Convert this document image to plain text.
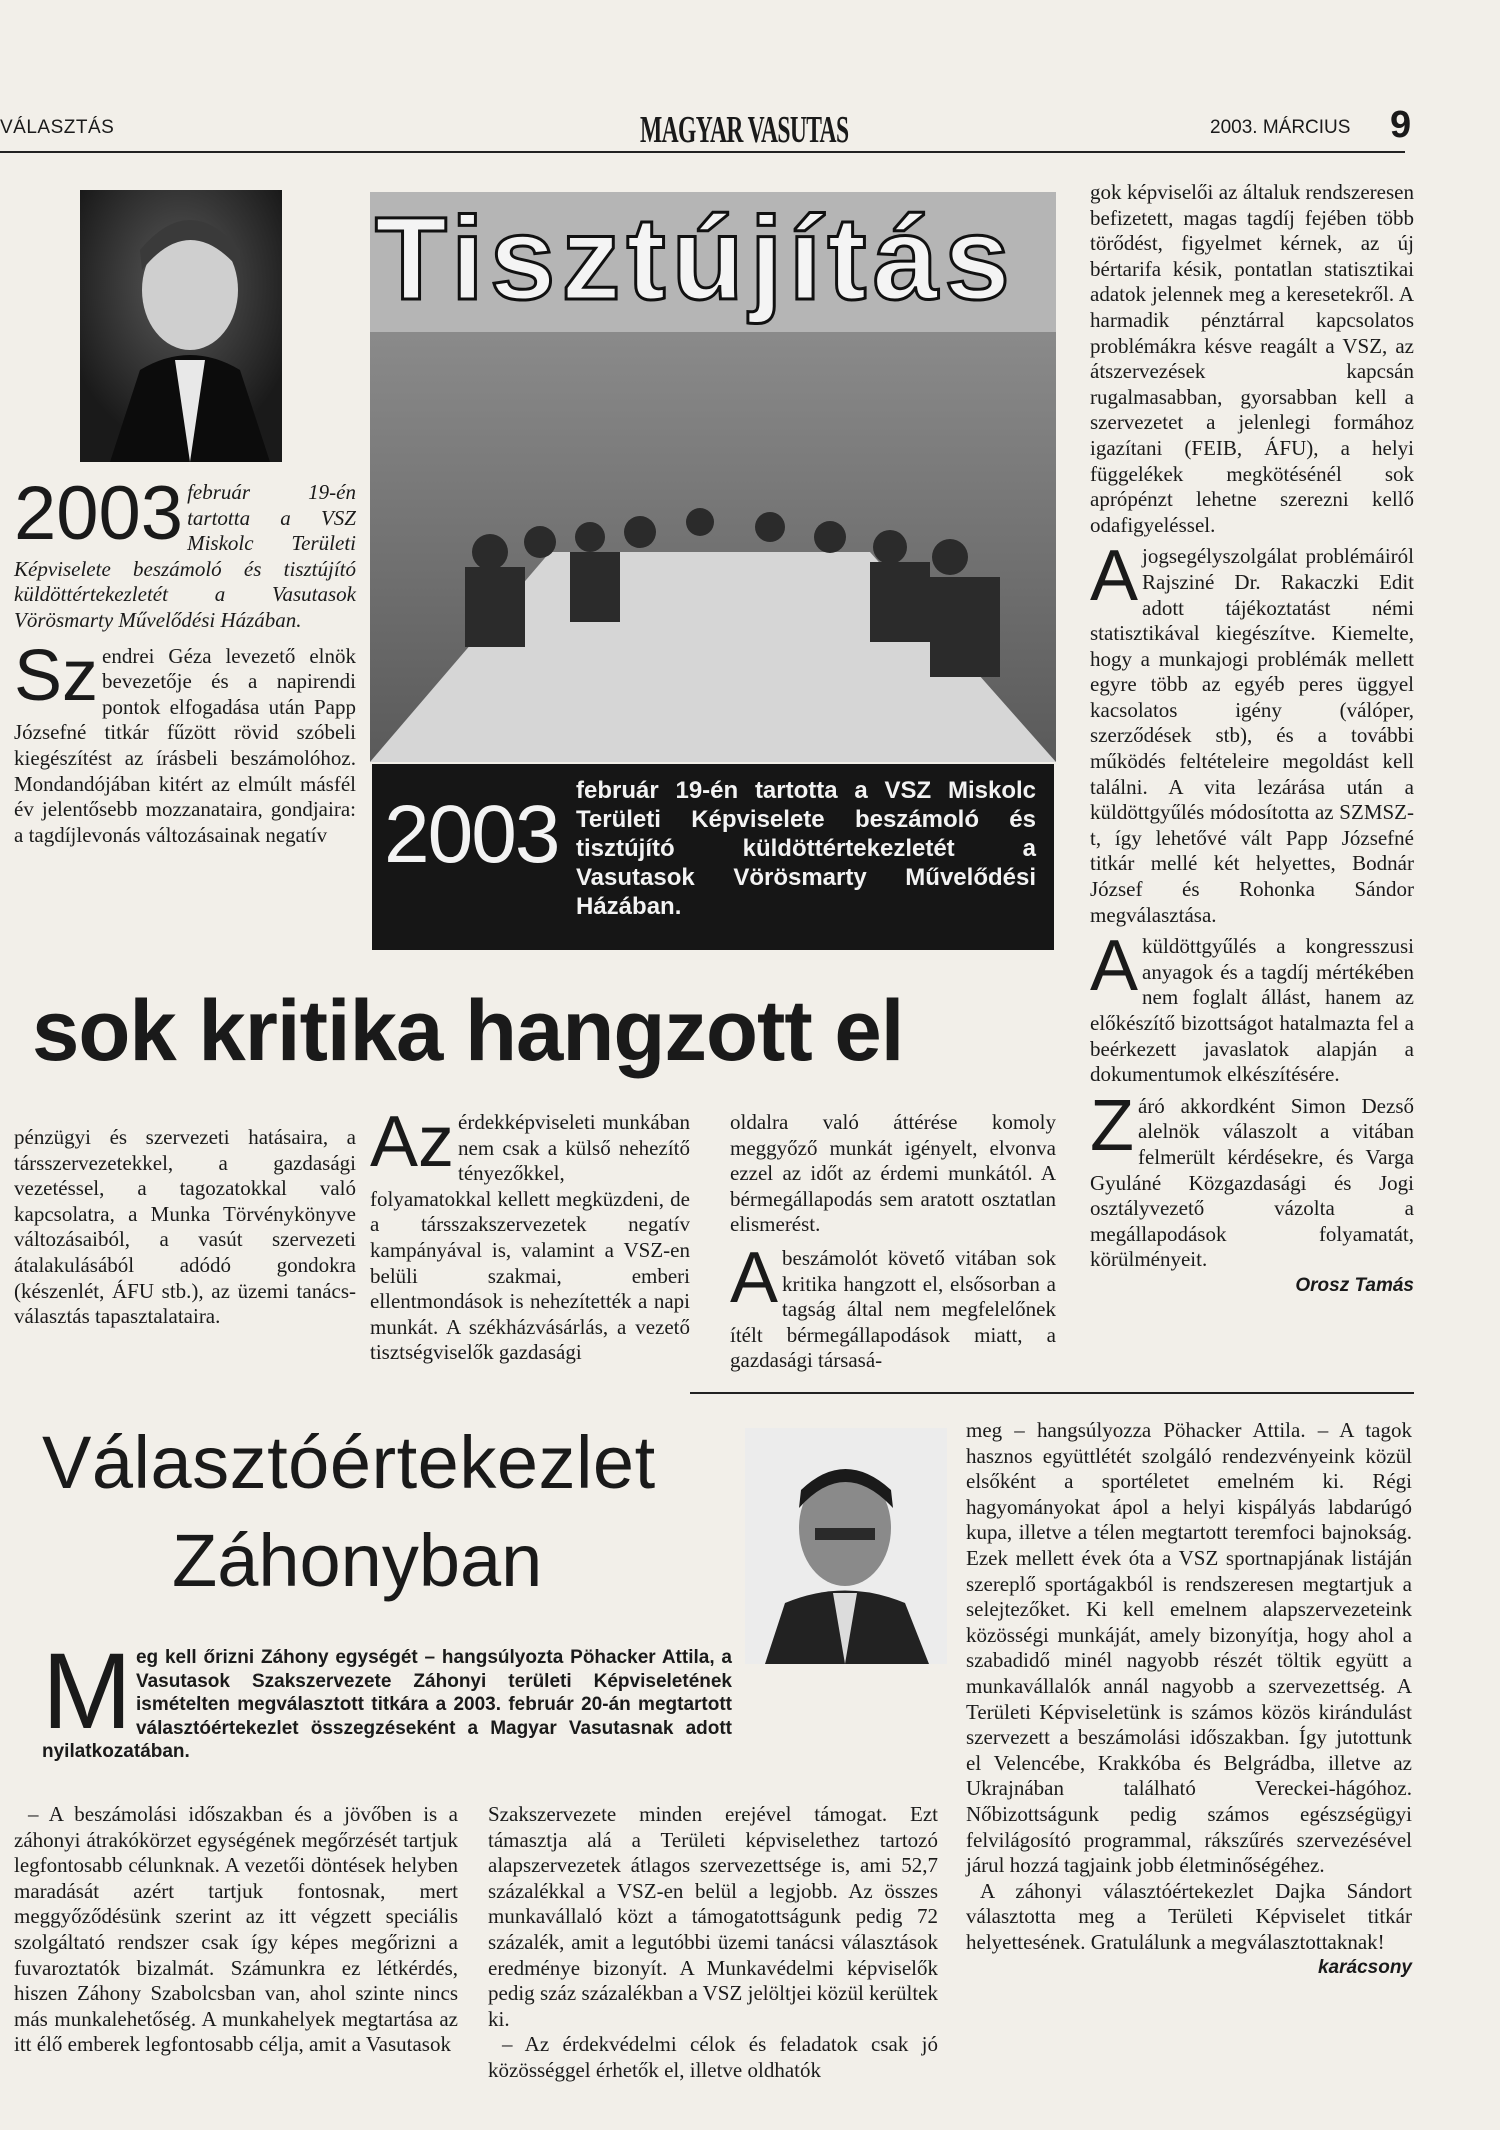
VÁLASZTÁS	MAGYAR VASUTAS	2003. MÁRCIUS 9
Tisztújítás
2003 február 19-én tartotta a VSZ Miskolc Területi Képviselete beszámoló és tisztújító küldöttértekezletét a Vasutasok Vörösmarty Művelődési Házában.

2003 február 19-én tartotta a VSZ Miskolc Területi Képviselete beszámoló és tisztújító küldöttértekezletét a Vasutasok Vörösmarty Művelődési Házában.

Sz endrei Géza levezető elnök bevezetője és a napirendi pontok elfogadása után Papp Józsefné titkár fűzött rövid szóbeli kiegészítést az írásbeli beszámolóhoz. Mondandójában kitért az elmúlt másfél év jelentősebb mozzanataira, gondjaira: a tagdíjlevonás változásainak negatív

sok kritika hangzott el

pénzügyi és szervezeti hatásaira, a társszervezetekkel, a gazdasági vezetéssel, a tagozatokkal való kapcsolatra, a Munka Törvénykönyve változásaiból, a vasút szervezeti átalakulásából adódó gondokra (készenlét, ÁFU stb.), az üzemi tanács-választás tapasztalataira.

Az érdekképviseleti munkában nem csak a külső nehezítő tényezőkkel, folyamatokkal kellett megküzdeni, de a társszakszervezetek negatív kampányával is, valamint a VSZ-en belüli szakmai, emberi ellentmondások is nehezítették a napi munkát. A székházvásárlás, a vezető tisztségviselők gazdasági

oldalra való áttérése komoly meggyőző munkát igényelt, elvonva ezzel az időt az érdemi munkától. A bérmegállapodás sem aratott osztatlan elismerést.

A beszámolót követő vitában sok kritika hangzott el, elsősorban a tagság által nem megfelelőnek ítélt bérmegállapodások miatt, a gazdasági társasá-

gok képviselői az általuk rendszeresen befizetett, magas tagdíj fejében több törődést, figyelmet kérnek, az új bértarifa késik, pontatlan statisztikai adatok jelennek meg a keresetekről. A harmadik pénztárral kapcsolatos problémákra késve reagált a VSZ, az átszervezések kapcsán rugalmasabban, gyorsabban kell a szervezetet a jelenlegi formához igazítani (FEIB, ÁFU), a helyi függelékek megkötésénél sok aprópénzt lehetne szerezni kellő odafigyeléssel.

A jogsegélyszolgálat problémáiról Rajsziné Dr. Rakaczki Edit adott tájékoztatást némi statisztikával kiegészítve. Kiemelte, hogy a munkajogi problémák mellett egyre több az egyéb peres üggyel kacsolatos igény (válóper, szerződések stb), és a további működés feltételeire megoldást kell találni. A vita lezárása után a küldöttgyűlés módosította az SZMSZ-t, így lehetővé vált Papp Józsefné titkár mellé két helyettes, Bodnár József és Rohonka Sándor megválasztása.

A küldöttgyűlés a kongresszusi anyagok és a tagdíj mértékében nem foglalt állást, hanem az előkészítő bizottságot hatalmazta fel a beérkezett javaslatok alapján a dokumentumok elkészítésére.

Z áró akkordként Simon Dezső alelnök válaszolt a vitában felmerült kérdésekre, és Varga Gyuláné Közgazdasági és Jogi osztályvezető vázolta a megállapodások folyamatát, körülményeit.

Orosz Tamás

Választóértekezlet
Záhonyban
M eg kell őrizni Záhony egységét – hangsúlyozta Pöhacker Attila, a Vasutasok Szakszervezete Záhonyi területi Képviseletének ismételten megválasztott titkára a 2003. február 20-án megtartott választóértekezlet összegzéseként a Magyar Vasutasnak adott nyilatkozatában.

– A beszámolási időszakban és a jövőben is a záhonyi átrakókörzet egységének megőrzését tartjuk legfontosabb célunknak. A vezetői döntések helyben maradását azért tartjuk fontosnak, mert meggyőződésünk szerint az itt végzett speciális szolgáltató rendszer csak így képes megőrizni a fuvaroztatók bizalmát. Számunkra ez létkérdés, hiszen Záhony Szabolcsban van, ahol szinte nincs más munkalehetőség. A munkahelyek megtartása az itt élő emberek legfontosabb célja, amit a Vasutasok

Szakszervezete minden erejével támogat. Ezt támasztja alá a Területi képviselethez tartozó alapszervezetek átlagos szervezettsége is, ami 52,7 százalékkal a VSZ-en belül a legjobb. Az összes munkavállaló közt a támogatottságunk pedig 72 százalék, amit a legutóbbi üzemi tanácsi választások eredménye bizonyít. A Munkavédelmi képviselők pedig száz százalékban a VSZ jelöltjei közül kerültek ki.

– Az érdekvédelmi célok és feladatok csak jó közösséggel érhetők el, illetve oldhatók

meg – hangsúlyozza Pöhacker Attila. – A tagok hasznos együttlétét szolgáló rendezvényeink közül elsőként a sportéletet emelném ki. Régi hagyományokat ápol a helyi kispályás labdarúgó kupa, illetve a télen megtartott teremfoci bajnokság. Ezek mellett évek óta a VSZ sportnapjának listáján szereplő sportágakból is rendszeresen megtartjuk a selejtezőket. Ki kell emelnem alapszervezeteink közösségi munkáját, amely bizonyítja, hogy ahol a szabadidő minél nagyobb részét töltik együtt a munkavállalók annál nagyobb a szervezettség. A Területi Képviseletünk is számos közös kirándulást szervezett a beszámolási időszakban. Így jutottunk el Velencébe, Krakkóba és Belgrádba, illetve az Ukrajnában található Vereckei-hágóhoz. Nőbizottságunk pedig számos egészségügyi felvilágosító programmal, rákszűrés szervezésével járul hozzá tagjaink jobb életminőségéhez.

A záhonyi választóértekezlet Dajka Sándort választotta meg a Területi Képviselet titkár helyettesének. Gratulálunk a megválasztottaknak!

karácsony
